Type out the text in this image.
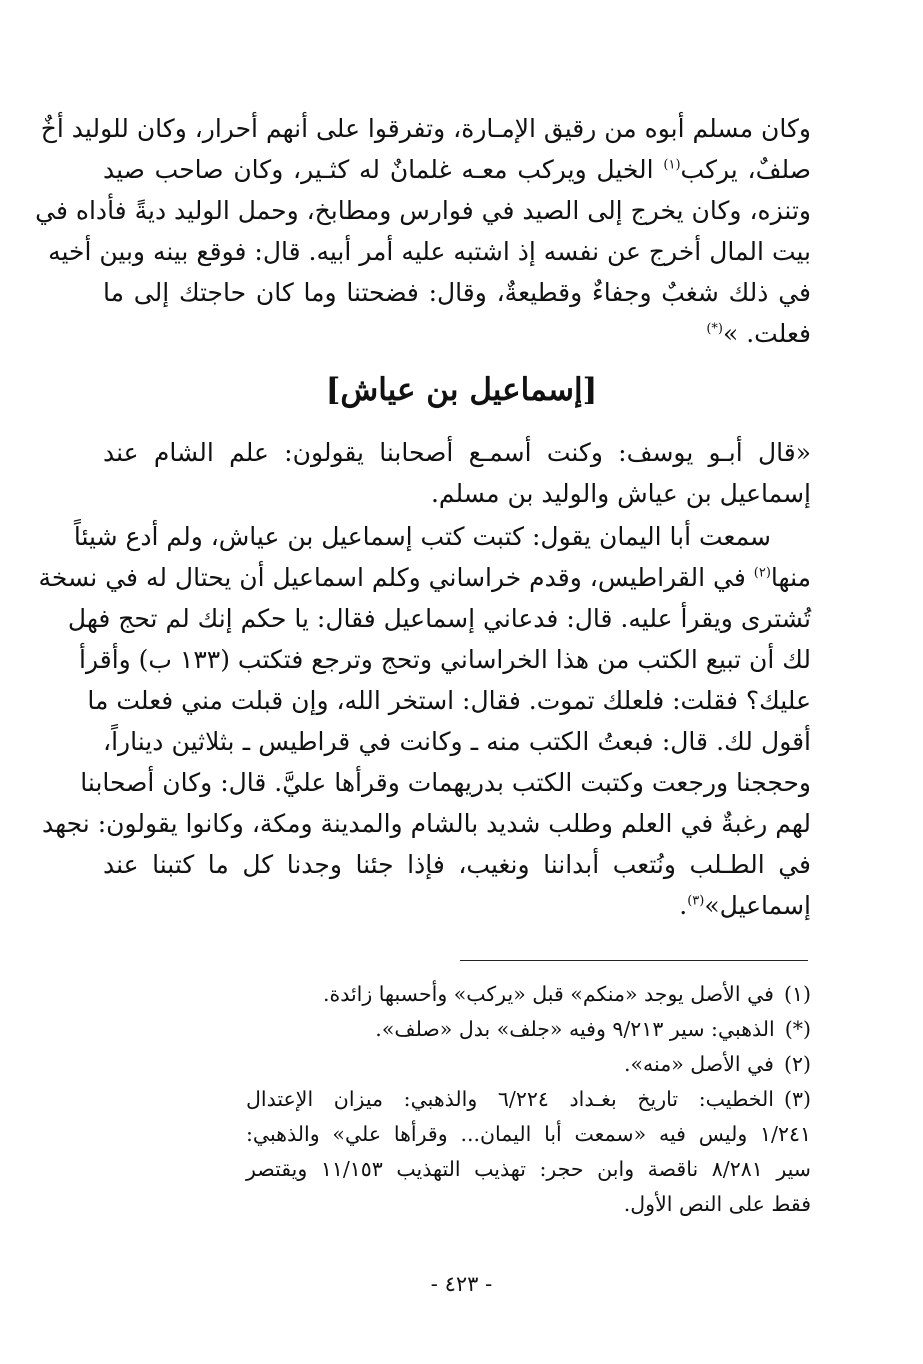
وكان مسلم أبوه من رقيق الإمـارة، وتفرقوا على أنهم أحرار، وكان للوليد أخٌ
صلفٌ، يركب$^{(١)}$ الخيل ويركب معـه غلمانٌ له كثـير، وكان صاحب صيد
وتنزه، وكان يخرج إلى الصيد في فوارس ومطابخ، وحمل الوليد ديةً فأداه في
بيت المال أخرج عن نفسه إذ اشتبه عليه أمر أبيه. قال: فوقع بينه وبين أخيه
في ذلك شغبٌ وجفاءٌ وقطيعةٌ، وقال: فضحتنا وما كان حاجتك إلى ما
فعلت. »(*)
[إسماعيل بن عياش]
«قال أبـو يوسف: وكنت أسمـع أصحابنا يقولون: علم الشام عند
إسماعيل بن عياش والوليد بن مسلم.
سمعت أبا اليمان يقول: كتبت كتب إسماعيل بن عياش، ولم أدع شيئاً
منها$^{(٢)}$ في القراطيس، وقدم خراساني وكلم اسماعيل أن يحتال له في نسخة
تُشترى ويقرأ عليه. قال: فدعاني إسماعيل فقال: يا حكم إنك لم تحج فهل
لك أن تبيع الكتب من هذا الخراساني وتحج وترجع فتكتب (١٣٣ ب) وأقرأ
عليك؟ فقلت: فلعلك تموت. فقال: استخر الله، وإن قبلت مني فعلت ما
أقول لك. قال: فبعتُ الكتب منه ـ وكانت في قراطيس ـ بثلاثين ديناراً،
وحججنا ورجعت وكتبت الكتب بدريهمات وقرأها عليَّ. قال: وكان أصحابنا
لهم رغبةٌ في العلم وطلب شديد بالشام والمدينة ومكة، وكانوا يقولون: نجهد
في الطـلب ونُتعب أبداننا ونغيب، فإذا جئنا وجدنا كل ما كتبنا عند
إسماعيل»$^{(٣)}$.
(١)في الأصل يوجد «منكم» قبل «يركب» وأحسبها زائدة.
(*)الذهبي: سير ٩/٢١٣ وفيه «جلف» بدل «صلف».
(٢)في الأصل «منه».
(٣)الخطيب: تاريخ بغـداد ٦/٢٢٤ والذهبي: ميزان الإعتدال
١/٢٤١ وليس فيه «سمعت أبا اليمان... وقرأها علي» والذهبي:
سير ٨/٢٨١ ناقصة وابن حجر: تهذيب التهذيب ١١/١٥٣ ويقتصر
فقط على النص الأول.
- ٤٢٣ -
